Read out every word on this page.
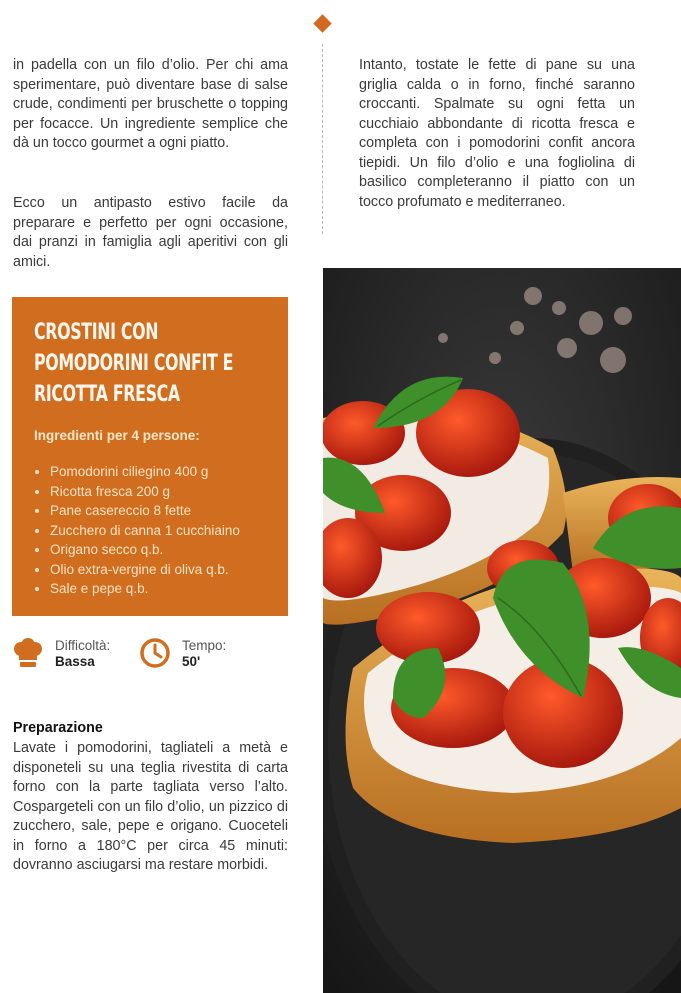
in padella con un filo d’olio. Per chi ama sperimentare, può diventare base di salse crude, condimenti per bruschette o topping per focacce. Un ingrediente semplice che dà un tocco gourmet a ogni piatto.

Ecco un antipasto estivo facile da preparare e perfetto per ogni occasione, dai pranzi in famiglia agli aperitivi con gli amici.

Intanto, tostate le fette di pane su una griglia calda o in forno, finché saranno croccanti. Spalmate su ogni fetta un cucchiaio abbondante di ricotta fresca e completa con i pomodorini confit ancora tiepidi. Un filo d’olio e una fogliolina di basilico completeranno il piatto con un tocco profumato e mediterraneo.

CROSTINI CON POMODORINI CONFIT E RICOTTA FRESCA
Ingredienti per 4 persone:
Pomodorini ciliegino 400 g
Ricotta fresca 200 g
Pane casereccio 8 fette
Zucchero di canna 1 cucchiaino
Origano secco q.b.
Olio extra-vergine di oliva q.b.
Sale e pepe q.b.
Difficoltà:
Bassa
Tempo:
50'
Preparazione

Lavate i pomodorini, tagliateli a metà e disponeteli su una teglia rivestita di carta forno con la parte tagliata verso l’alto. Cospargeteli con un filo d’olio, un pizzico di zucchero, sale, pepe e origano. Cuoceteli in forno a 180°C per circa 45 minuti: dovranno asciugarsi ma restare morbidi.
